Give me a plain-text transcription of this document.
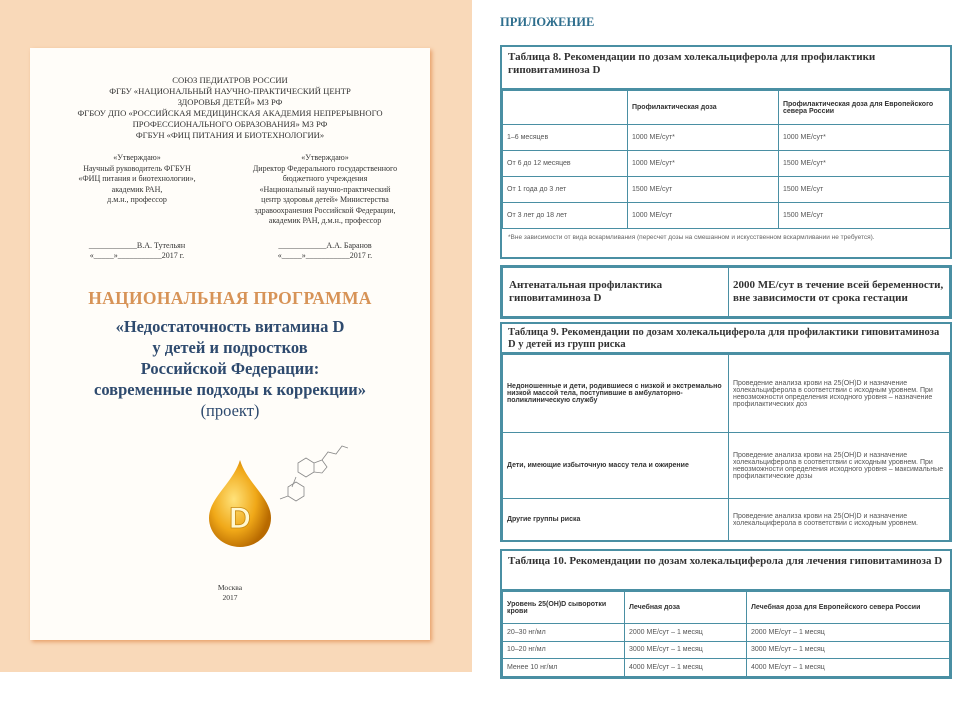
СОЮЗ ПЕДИАТРОВ РОССИИ
ФГБУ «НАЦИОНАЛЬНЫЙ НАУЧНО-ПРАКТИЧЕСКИЙ ЦЕНТР
ЗДОРОВЬЯ ДЕТЕЙ» МЗ РФ
ФГБОУ ДПО «РОССИЙСКАЯ МЕДИЦИНСКАЯ АКАДЕМИЯ НЕПРЕРЫВНОГО
ПРОФЕССИОНАЛЬНОГО ОБРАЗОВАНИЯ» МЗ РФ
ФГБУН «ФИЦ ПИТАНИЯ И БИОТЕХНОЛОГИИ»
«Утверждаю»
Научный руководитель ФГБУН
«ФИЦ питания и биотехнологии»,
академик РАН,
д.м.н., профессор
«Утверждаю»
Директор Федерального государственного
бюджетного учреждения
«Национальный научно-практический
центр здоровья детей» Министерства
здравоохранения Российской Федерации,
академик РАН, д.м.н., профессор
____________В.А. Тутельян
«_____»___________2017 г.
____________А.А. Баранов
«_____»___________2017 г.
НАЦИОНАЛЬНАЯ ПРОГРАММА
«Недостаточность витамина D
у детей и подростков
Российской Федерации:
современные подходы к коррекции»
(проект)
D
Москва
2017
ПРИЛОЖЕНИЕ
Таблица 8. Рекомендации по дозам холекальциферола для профилактики гиповитаминоза D
	Профилактическая доза	Профилактическая доза для Европейского севера России
1–6 месяцев	1000 МЕ/сут*	1000 МЕ/сут*
От 6 до 12 месяцев	1000 МЕ/сут*	1500 МЕ/сут*
От 1 года до 3 лет	1500 МЕ/сут	1500 МЕ/сут
От 3 лет до 18 лет	1000 МЕ/сут	1500 МЕ/сут
*Вне зависимости от вида вскармливания (пересчет дозы на смешанном и искусственном вскармливании не требуется).
Антенатальная профилактика гиповитаминоза D	2000 МЕ/сут в течение всей беременности, вне зависимости от срока гестации
Таблица 9. Рекомендации по дозам холекальциферола для профилактики гиповитаминоза D у детей из групп риска
Недоношенные и дети, родившиеся с низкой и экстремально низкой массой тела, поступившие в амбулаторно-поликлиническую службу	Проведение анализа крови на 25(OH)D и назначение холекальциферола в соответствии с исходным уровнем. При невозможности определения исходного уровня – назначение профилактических доз
Дети, имеющие избыточную массу тела и ожирение	Проведение анализа крови на 25(OH)D и назначение холекальциферола в соответствии с исходным уровнем. При невозможности определения исходного уровня – максимальные профилактические дозы
Другие группы риска	Проведение анализа крови на 25(OH)D и назначение холекальциферола в соответствии с исходным уровнем.
Таблица 10. Рекомендации по дозам холекальциферола для лечения гиповитаминоза D
Уровень 25(OH)D сыворотки крови	Лечебная доза	Лечебная доза для Европейского севера России
20–30 нг/мл	2000 МЕ/сут – 1 месяц	2000 МЕ/сут – 1 месяц
10–20 нг/мл	3000 МЕ/сут – 1 месяц	3000 МЕ/сут – 1 месяц
Менее 10 нг/мл	4000 МЕ/сут – 1 месяц	4000 МЕ/сут – 1 месяц
